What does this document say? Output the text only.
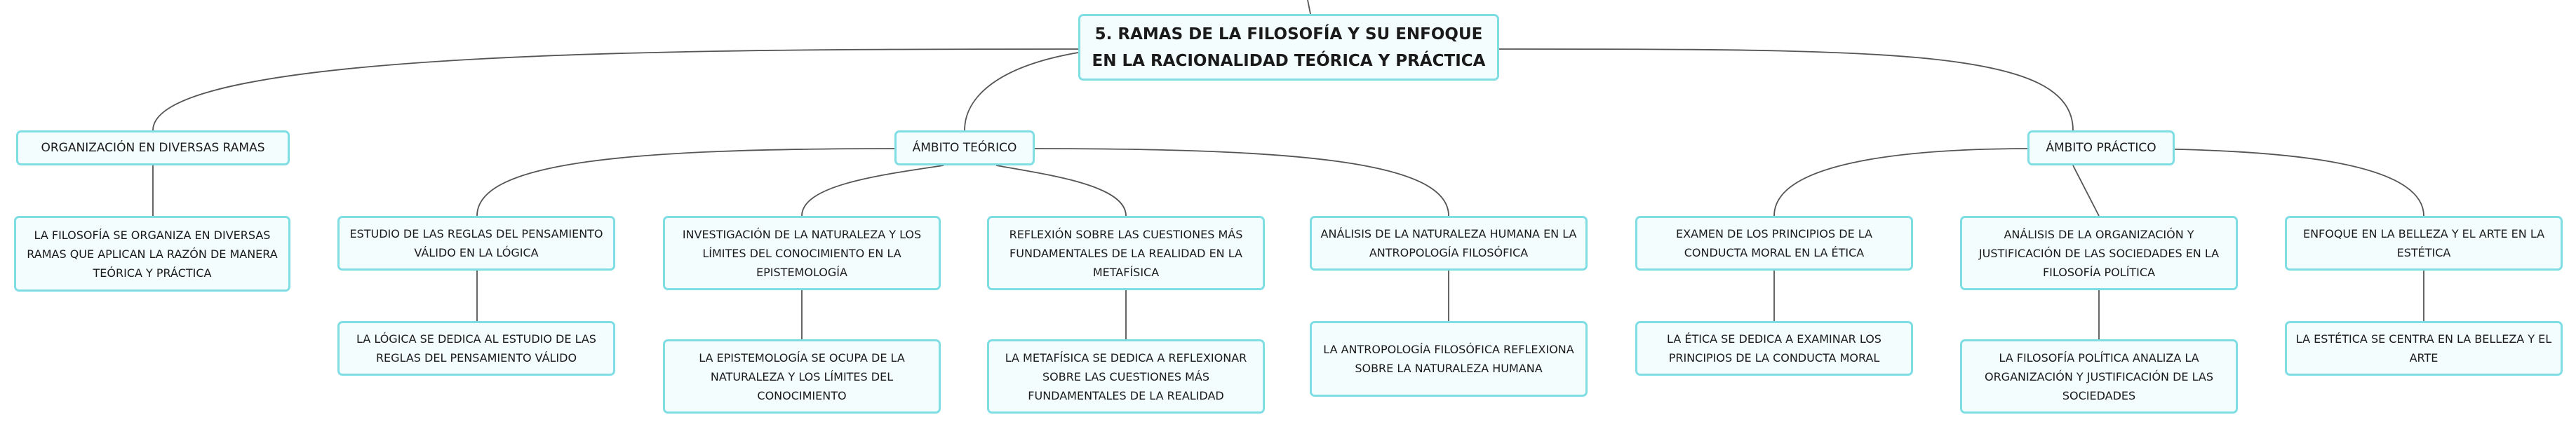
5. RAMAS DE LA FILOSOFÍA Y SU ENFOQUE EN LA RACIONALIDAD TEÓRICA Y PRÁCTICA
ORGANIZACIÓN EN DIVERSAS RAMAS	ÁMBITO TEÓRICO	ÁMBITO PRÁCTICO
LA FILOSOFÍA SE ORGANIZA EN DIVERSAS RAMAS QUE APLICAN LA RAZÓN DE MANERA TEÓRICA Y PRÁCTICA
ESTUDIO DE LAS REGLAS DEL PENSAMIENTO VÁLIDO EN LA LÓGICA
INVESTIGACIÓN DE LA NATURALEZA Y LOS LÍMITES DEL CONOCIMIENTO EN LA EPISTEMOLOGÍA
REFLEXIÓN SOBRE LAS CUESTIONES MÁS FUNDAMENTALES DE LA REALIDAD EN LA METAFÍSICA
ANÁLISIS DE LA NATURALEZA HUMANA EN LA ANTROPOLOGÍA FILOSÓFICA
EXAMEN DE LOS PRINCIPIOS DE LA CONDUCTA MORAL EN LA ÉTICA
ANÁLISIS DE LA ORGANIZACIÓN Y JUSTIFICACIÓN DE LAS SOCIEDADES EN LA FILOSOFÍA POLÍTICA
ENFOQUE EN LA BELLEZA Y EL ARTE EN LA ESTÉTICA
LA LÓGICA SE DEDICA AL ESTUDIO DE LAS REGLAS DEL PENSAMIENTO VÁLIDO	LA EPISTEMOLOGÍA SE OCUPA DE LA NATURALEZA Y LOS LÍMITES DEL CONOCIMIENTO
LA METAFÍSICA SE DEDICA A REFLEXIONAR SOBRE LAS CUESTIONES MÁS FUNDAMENTALES DE LA REALIDAD
LA ANTROPOLOGÍA FILOSÓFICA REFLEXIONA SOBRE LA NATURALEZA HUMANA
LA ÉTICA SE DEDICA A EXAMINAR LOS PRINCIPIOS DE LA CONDUCTA MORAL	LA FILOSOFÍA POLÍTICA ANALIZA LA ORGANIZACIÓN Y JUSTIFICACIÓN DE LAS SOCIEDADES
LA ESTÉTICA SE CENTRA EN LA BELLEZA Y EL ARTE
